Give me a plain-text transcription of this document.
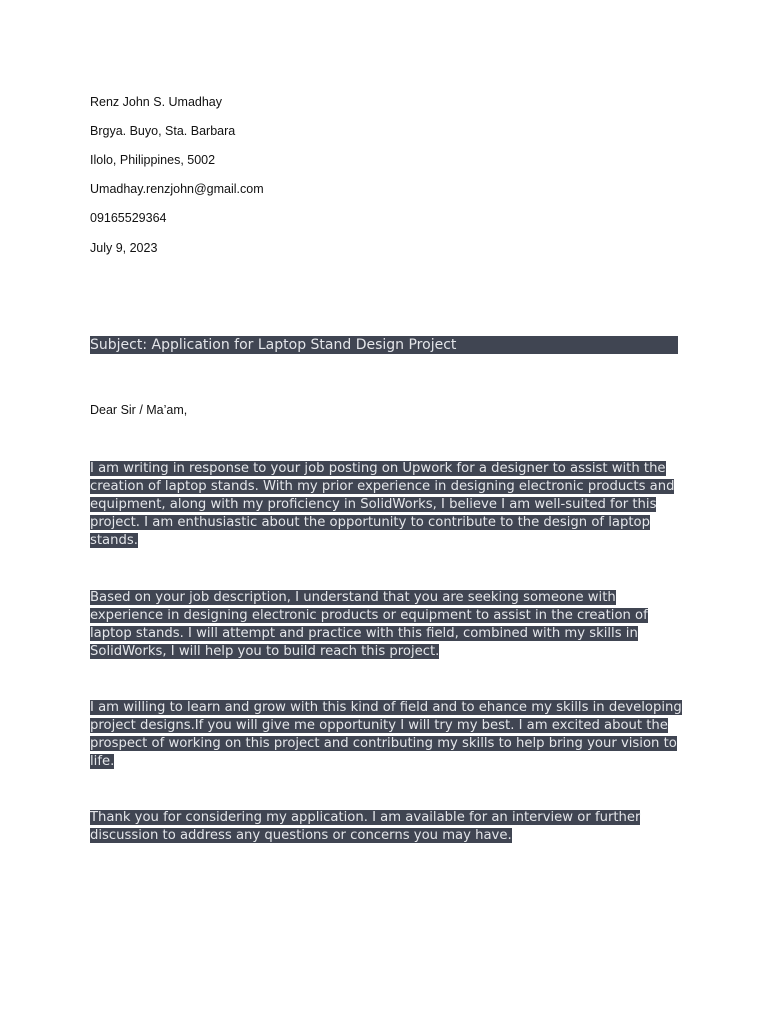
Renz John S. Umadhay

Brgya. Buyo, Sta. Barbara

Ilolo, Philippines, 5002

Umadhay.renzjohn@gmail.com

09165529364

July 9, 2023

Subject: Application for Laptop Stand Design Project

Dear Sir / Ma’am,

I am writing in response to your job posting on Upwork for a designer to assist with the creation of laptop stands. With my prior experience in designing electronic products and equipment, along with my proficiency in SolidWorks, I believe I am well-suited for this project. I am enthusiastic about the opportunity to contribute to the design of laptop stands.

Based on your job description, I understand that you are seeking someone with experience in designing electronic products or equipment to assist in the creation of laptop stands. I will attempt and practice with this field, combined with my skills in SolidWorks, I will help you to build reach this project.

I am willing to learn and grow with this kind of field and to ehance my skills in developing project designs.If you will give me opportunity I will try my best. I am excited about the prospect of working on this project and contributing my skills to help bring your vision to life.

Thank you for considering my application. I am available for an interview or further discussion to address any questions or concerns you may have.
